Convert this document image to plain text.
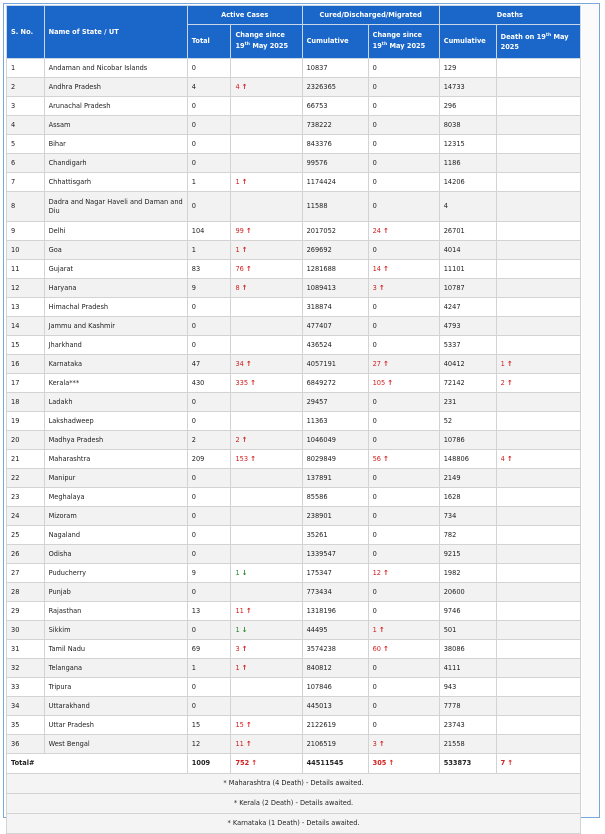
S. No.	Name of State / UT	Active Cases		Cured/Discharged/Migrated		Deaths	
		Total	Change since 19th May 2025	Cumulative	Change since 19th May 2025	Cumulative	Death on 19th May 2025
1	Andaman and Nicobar Islands	0		10837	0	129	
2	Andhra Pradesh	4	4 ↑	2326365	0	14733	
3	Arunachal Pradesh	0		66753	0	296	
4	Assam	0		738222	0	8038	
5	Bihar	0		843376	0	12315	
6	Chandigarh	0		99576	0	1186	
7	Chhattisgarh	1	1 ↑	1174424	0	14206	
8	Dadra and Nagar Haveli and Daman and Diu	0		11588	0	4	
9	Delhi	104	99 ↑	2017052	24 ↑	26701	
10	Goa	1	1 ↑	269692	0	4014	
11	Gujarat	83	76 ↑	1281688	14 ↑	11101	
12	Haryana	9	8 ↑	1089413	3 ↑	10787	
13	Himachal Pradesh	0		318874	0	4247	
14	Jammu and Kashmir	0		477407	0	4793	
15	Jharkhand	0		436524	0	5337	
16	Karnataka	47	34 ↑	4057191	27 ↑	40412	1 ↑
17	Kerala***	430	335 ↑	6849272	105 ↑	72142	2 ↑
18	Ladakh	0		29457	0	231	
19	Lakshadweep	0		11363	0	52	
20	Madhya Pradesh	2	2 ↑	1046049	0	10786	
21	Maharashtra	209	153 ↑	8029849	56 ↑	148806	4 ↑
22	Manipur	0		137891	0	2149	
23	Meghalaya	0		85586	0	1628	
24	Mizoram	0		238901	0	734	
25	Nagaland	0		35261	0	782	
26	Odisha	0		1339547	0	9215	
27	Puducherry	9	1 ↓	175347	12 ↑	1982	
28	Punjab	0		773434	0	20600	
29	Rajasthan	13	11 ↑	1318196	0	9746	
30	Sikkim	0	1 ↓	44495	1 ↑	501	
31	Tamil Nadu	69	3 ↑	3574238	60 ↑	38086	
32	Telangana	1	1 ↑	840812	0	4111	
33	Tripura	0		107846	0	943	
34	Uttarakhand	0		445013	0	7778	
35	Uttar Pradesh	15	15 ↑	2122619	0	23743	
36	West Bengal	12	11 ↑	2106519	3 ↑	21558	
Total#		1009	752 ↑	44511545	305 ↑	533873	7 ↑
* Maharashtra (4 Death) - Details awaited.							
* Kerala (2 Death) - Details awaited.							
* Karnataka (1 Death) - Details awaited.							
